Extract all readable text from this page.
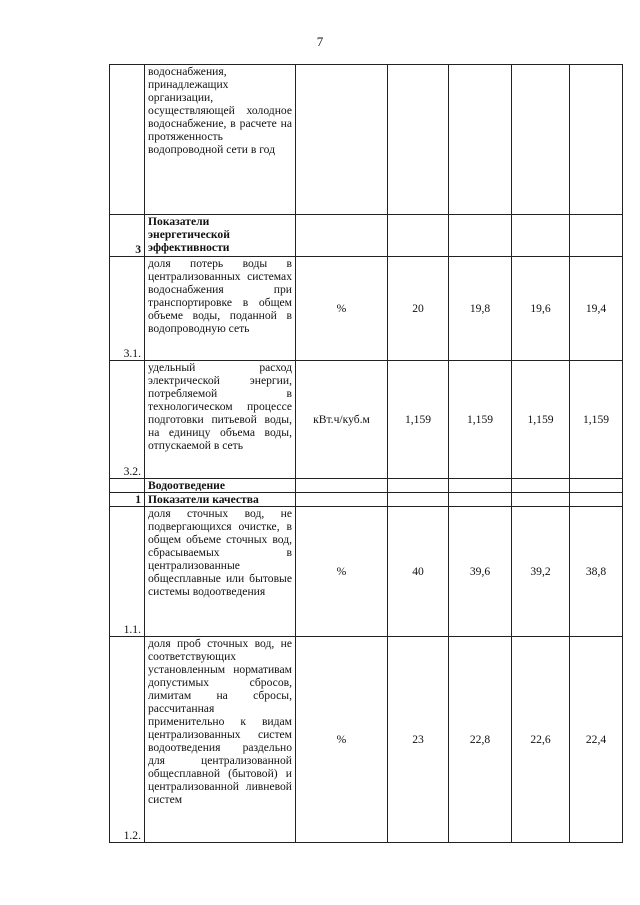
7
	водоснабжения, принадлежащих организации, осуществляющей холодное водоснабжение, в расчете на протяженность водопроводной сети в год					
3	Показатели энергетической эффективности					
3.1.	доля потерь воды в централизованных системах водоснабжения при транспортировке в общем объеме воды, поданной в водопроводную сеть	%	20	19,8	19,6	19,4
3.2.	удельный расход электрической энергии, потребляемой в технологическом процессе подготовки питьевой воды, на единицу объема воды, отпускаемой в сеть	кВт.ч/куб.м	1,159	1,159	1,159	1,159
	Водоотведение					
1	Показатели качества					
1.1.	доля сточных вод, не подвергающихся очистке, в общем объеме сточных вод, сбрасываемых в централизованные общесплавные или бытовые системы водоотведения	%	40	39,6	39,2	38,8
1.2.	доля проб сточных вод, не соответствующих установленным нормативам допустимых сбросов, лимитам на сбросы, рассчитанная применительно к видам централизованных систем водоотведения раздельно для централизованной общесплавной (бытовой) и централизованной ливневой систем	%	23	22,8	22,6	22,4
